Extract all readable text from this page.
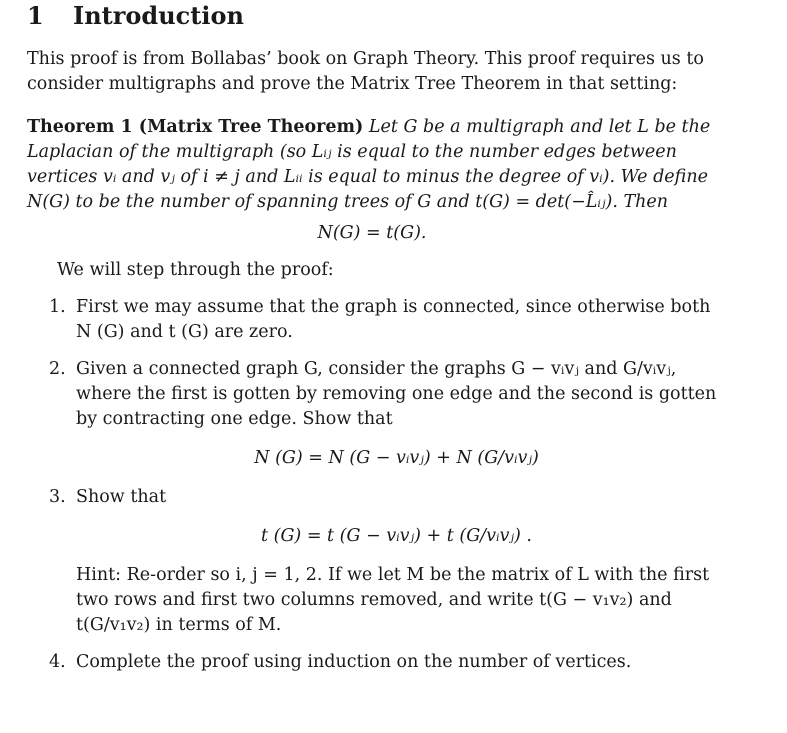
1 Introduction

This proof is from Bollabas’ book on Graph Theory. This proof requires us to consider multigraphs and prove the Matrix Tree Theorem in that setting:

Theorem 1 (Matrix Tree Theorem) Let G be a multigraph and let L be the Laplacian of the multigraph (so Lᵢⱼ is equal to the number edges between vertices vᵢ and vⱼ of i ≠ j and Lᵢᵢ is equal to minus the degree of vᵢ). We define N(G) to be the number of spanning trees of G and t(G) = det(−L̂ᵢⱼ). Then
N(G) = t(G).

We will step through the proof:

1. First we may assume that the graph is connected, since otherwise both N (G) and t (G) are zero.
2. Given a connected graph G, consider the graphs G − vᵢvⱼ and G/vᵢvⱼ, where the first is gotten by removing one edge and the second is gotten by contracting one edge. Show that
N (G) = N (G − vᵢvⱼ) + N (G/vᵢvⱼ)
3. Show that
t (G) = t (G − vᵢvⱼ) + t (G/vᵢvⱼ) .
Hint: Re-order so i, j = 1, 2. If we let M be the matrix of L with the first two rows and first two columns removed, and write t(G − v₁v₂) and t(G/v₁v₂) in terms of M.
4. Complete the proof using induction on the number of vertices.
